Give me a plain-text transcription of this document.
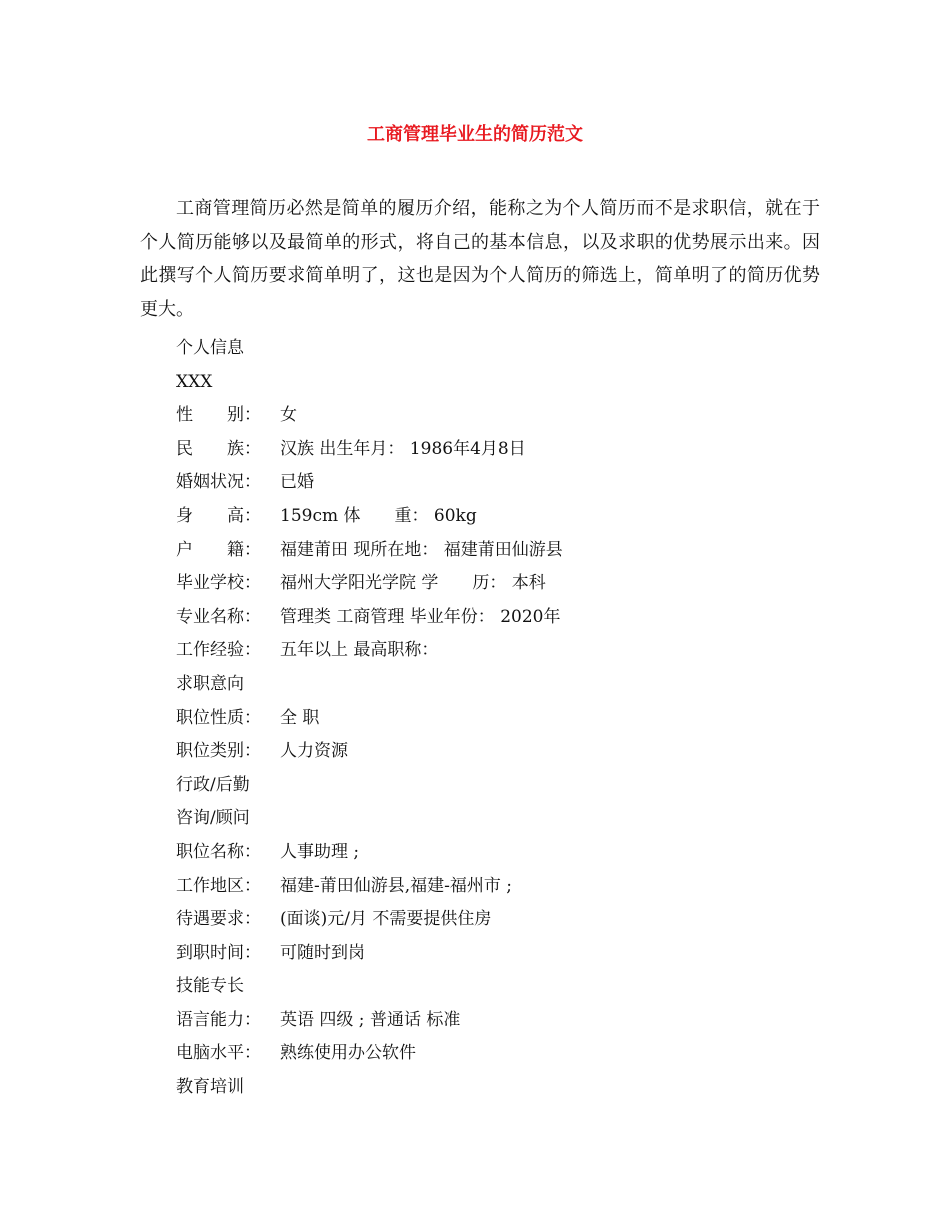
工商管理毕业生的简历范文

工商管理简历必然是简单的履历介绍，能称之为个人简历而不是求职信，就在于个人简历能够以及最简单的形式，将自己的基本信息，以及求职的优势展示出来。因此撰写个人简历要求简单明了，这也是因为个人简历的筛选上，简单明了的简历优势更大。

个人信息
XXX
性　　别： 女
民　　族： 汉族 出生年月： 1986年4月8日
婚姻状况： 已婚
身　　高： 159cm 体　　重： 60kg
户　　籍： 福建莆田 现所在地： 福建莆田仙游县
毕业学校： 福州大学阳光学院 学　　历： 本科
专业名称： 管理类 工商管理 毕业年份： 2020年
工作经验： 五年以上 最高职称：
求职意向
职位性质： 全 职
职位类别： 人力资源
行政/后勤
咨询/顾问
职位名称： 人事助理 ;
工作地区： 福建-莆田仙游县,福建-福州市 ;
待遇要求： (面谈)元/月 不需要提供住房
到职时间： 可随时到岗
技能专长
语言能力： 英语 四级 ; 普通话 标准
电脑水平： 熟练使用办公软件
教育培训
